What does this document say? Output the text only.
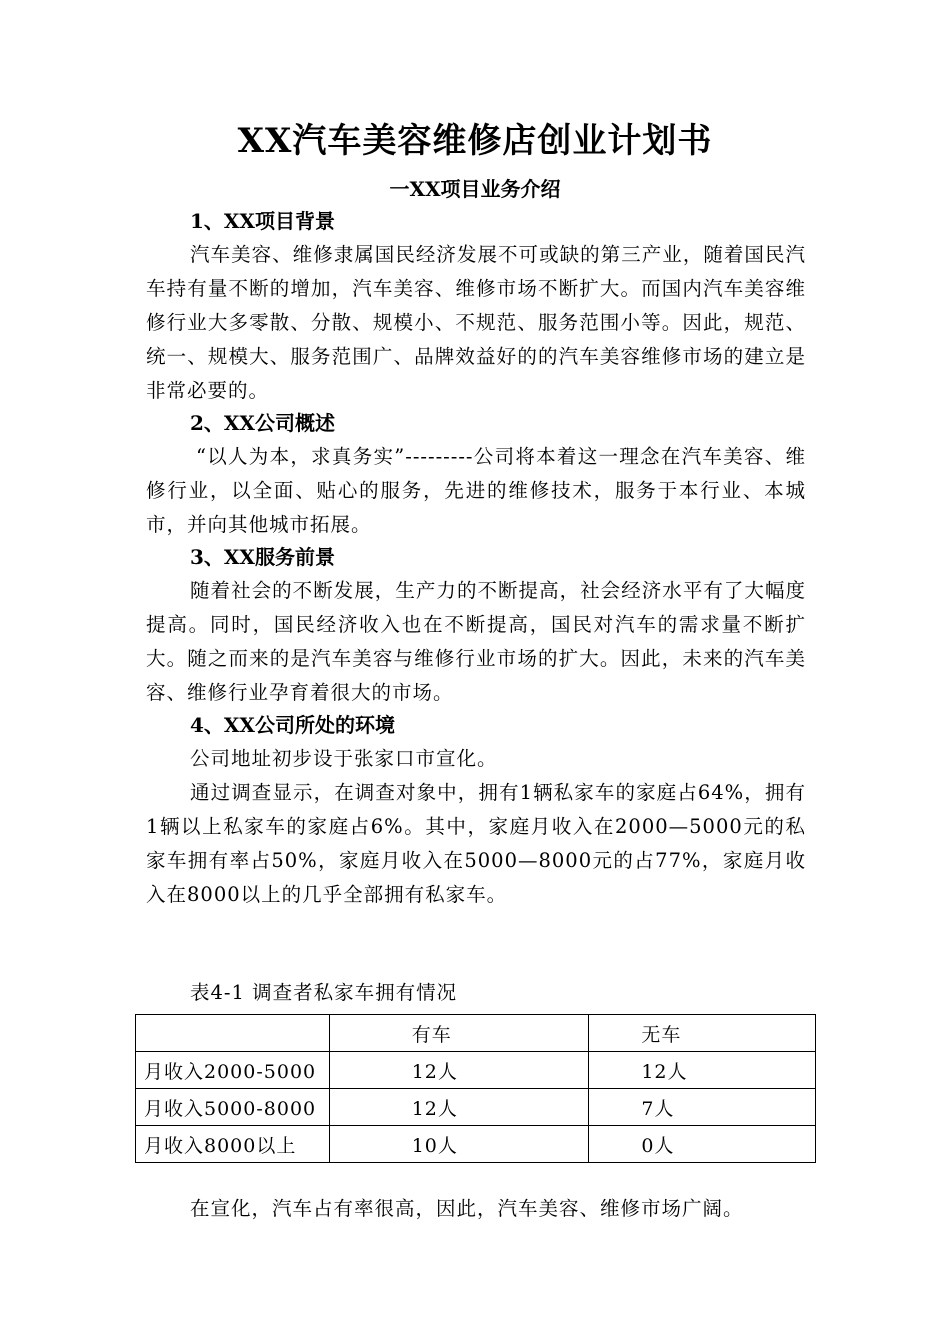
XX汽车美容维修店创业计划书
一XX项目业务介绍
1、XX项目背景

汽车美容、维修隶属国民经济发展不可或缺的第三产业，随着国民汽车持有量不断的增加，汽车美容、维修市场不断扩大。而国内汽车美容维修行业大多零散、分散、规模小、不规范、服务范围小等。因此，规范、统一、规模大、服务范围广、品牌效益好的的汽车美容维修市场的建立是非常必要的。

2、XX公司概述

“以人为本，求真务实”---------公司将本着这一理念在汽车美容、维修行业，以全面、贴心的服务，先进的维修技术，服务于本行业、本城市，并向其他城市拓展。

3、XX服务前景

随着社会的不断发展，生产力的不断提高，社会经济水平有了大幅度提高。同时，国民经济收入也在不断提高，国民对汽车的需求量不断扩大。随之而来的是汽车美容与维修行业市场的扩大。因此，未来的汽车美容、维修行业孕育着很大的市场。

4、XX公司所处的环境

公司地址初步设于张家口市宣化。

通过调查显示，在调查对象中，拥有1辆私家车的家庭占64%，拥有1辆以上私家车的家庭占6%。其中，家庭月收入在2000—5000元的私家车拥有率占50%，家庭月收入在5000—8000元的占77%，家庭月收入在8000以上的几乎全部拥有私家车。

表4-1 调查者私家车拥有情况
	有车	无车
月收入2000-5000	12人	12人
月收入5000-8000	12人	7人
月收入8000以上	10人	0人
在宣化，汽车占有率很高，因此，汽车美容、维修市场广阔。
